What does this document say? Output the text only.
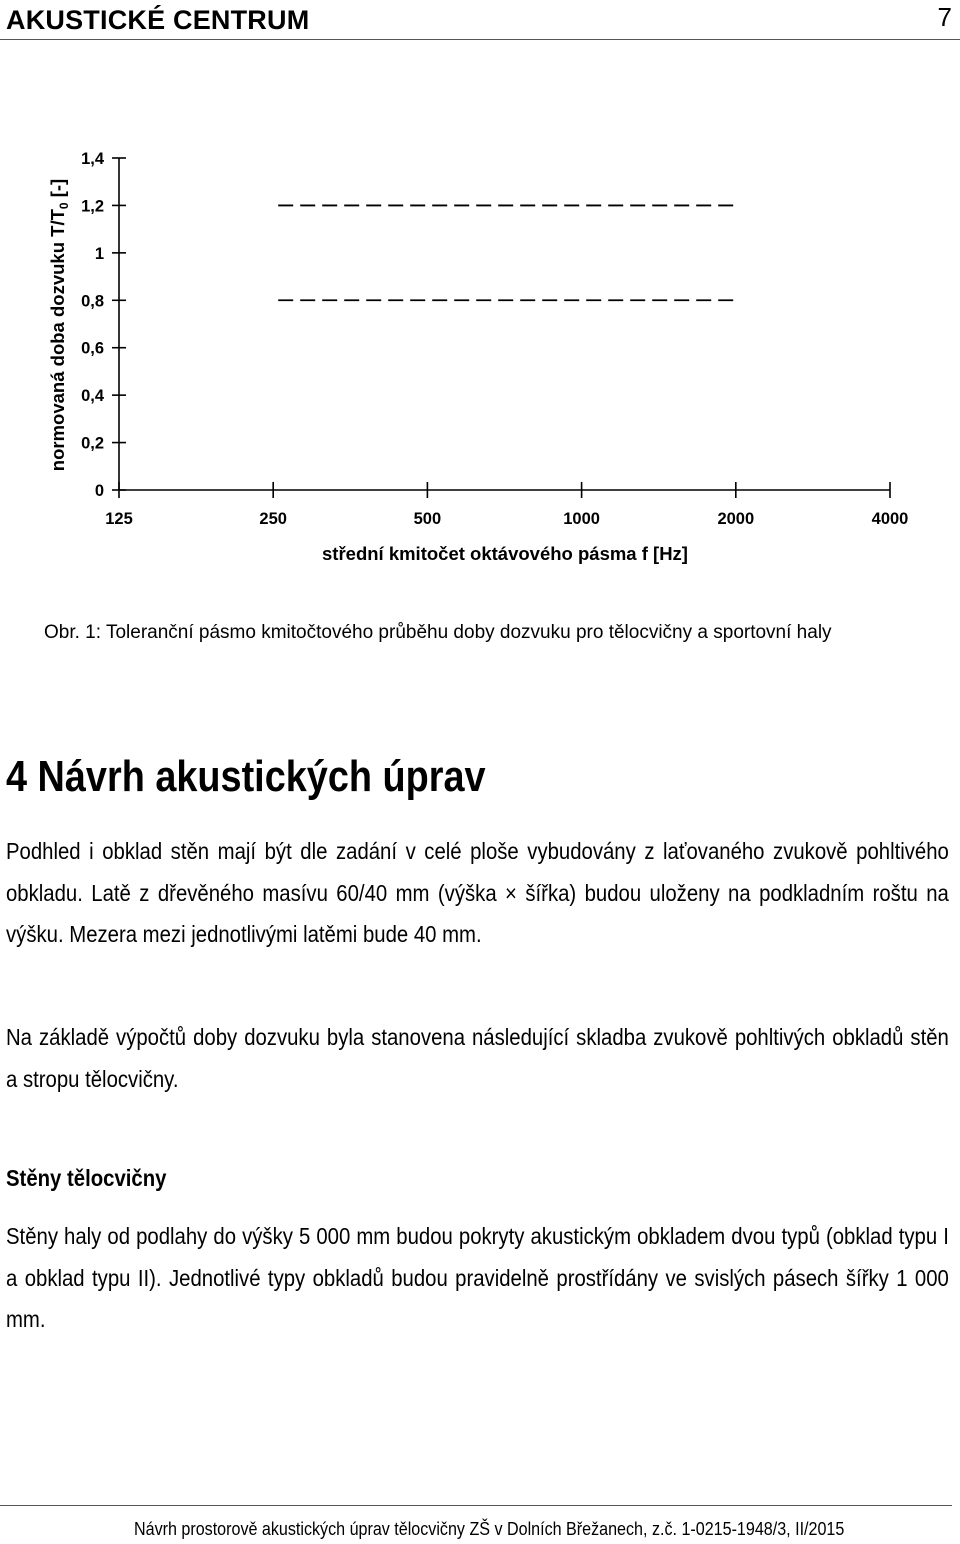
AKUSTICKÉ CENTRUM	7
0
0,2
0,4
0,6
0,8
1
1,2
1,4
125	250	500	1000	2000	4000
střední kmitočet oktávového pásma f [Hz]
normovaná doba dozvuku $T/T_0$ [-]
Obr. 1: Toleranční pásmo kmitočtového průběhu doby dozvuku pro tělocvičny a sportovní haly
4 Návrh akustických úprav
Podhled i obklad stěn mají být dle zadání v celé ploše vybudovány z laťovaného zvukově pohltivého obkladu. Latě z dřevěného masívu 60/40 mm (výška × šířka) budou uloženy na podkladním roštu na výšku. Mezera mezi jednotlivými latěmi bude 40 mm.
Na základě výpočtů doby dozvuku byla stanovena následující skladba zvukově pohltivých obkladů stěn a stropu tělocvičny.
Stěny tělocvičny
Stěny haly od podlahy do výšky 5 000 mm budou pokryty akustickým obkladem dvou typů (obklad typu I a obklad typu II). Jednotlivé typy obkladů budou pravidelně prostřídány ve svislých pásech šířky 1 000 mm.
Návrh prostorově akustických úprav tělocvičny ZŠ v Dolních Břežanech, z.č. 1-0215-1948/3, II/2015
